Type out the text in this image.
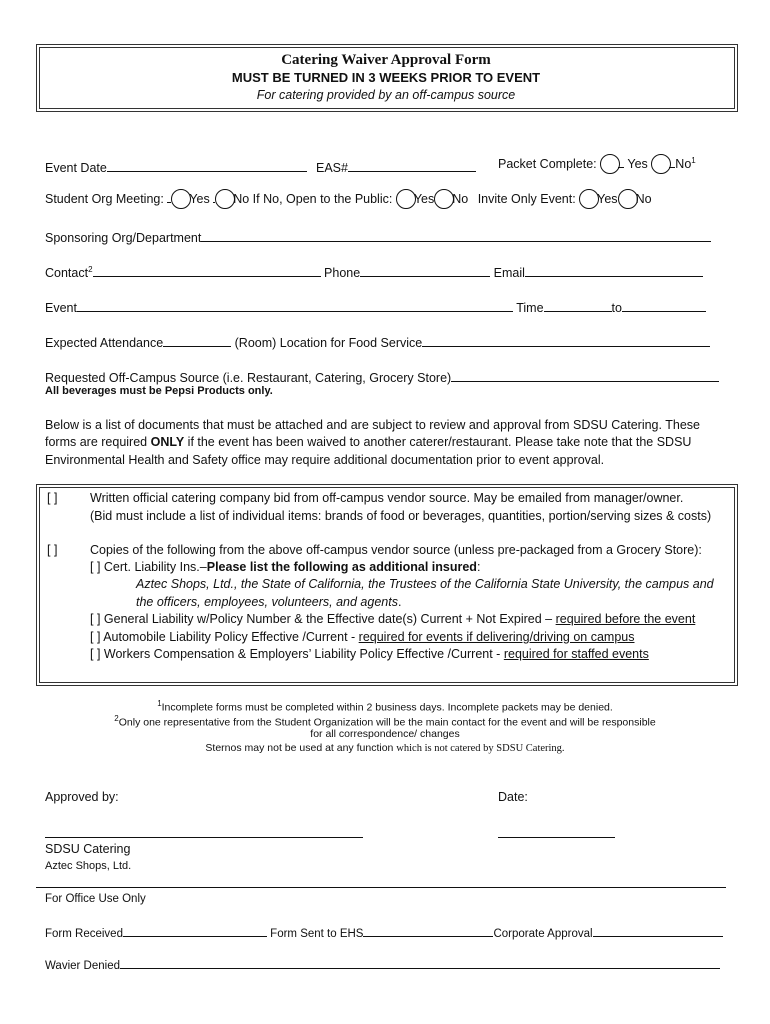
Catering Waiver Approval Form
MUST BE TURNED IN 3 WEEKS PRIOR TO EVENT
For catering provided by an off-campus source
Event Date	EAS#	Packet Complete: Yes No$^1$
Student Org Meeting: Yes No If No, Open to the Public: Yes No Invite Only Event: Yes No
Sponsoring Org/Department
Contact$^2$	Phone	Email
Event	Time	to
Expected Attendance	(Room) Location for Food Service
Requested Off-Campus Source (i.e. Restaurant, Catering, Grocery Store)
All beverages must be Pepsi Products only.
Below is a list of documents that must be attached and are subject to review and approval from SDSU Catering. These
forms are required ONLY if the event has been waived to another caterer/restaurant. Please take note that the SDSU
Environmental Health and Safety office may require additional documentation prior to event approval.
[ ]	Written official catering company bid from off-campus vendor source. May be emailed from manager/owner.
(Bid must include a list of individual items: brands of food or beverages, quantities, portion/serving sizes & costs)
[ ]	Copies of the following from the above off-campus vendor source (unless pre-packaged from a Grocery Store):
[ ] Cert. Liability Ins.–Please list the following as additional insured:
Aztec Shops, Ltd., the State of California, the Trustees of the California State University, the campus and
the officers, employees, volunteers, and agents.
[ ] General Liability w/Policy Number & the Effective date(s) Current + Not Expired – required before the event
[ ] Automobile Liability Policy Effective /Current - required for events if delivering/driving on campus
[ ] Workers Compensation & Employers’ Liability Policy Effective /Current - required for staffed events
$^1$Incomplete forms must be completed within 2 business days. Incomplete packets may be denied.
$^2$Only one representative from the Student Organization will be the main contact for the event and will be responsible
for all correspondence/ changes
Sternos may not be used at any function which is not catered by SDSU Catering.
Approved by:	Date:
SDSU Catering
Aztec Shops, Ltd.
For Office Use Only
Form Received	Form Sent to EHS	Corporate Approval
Wavier Denied
